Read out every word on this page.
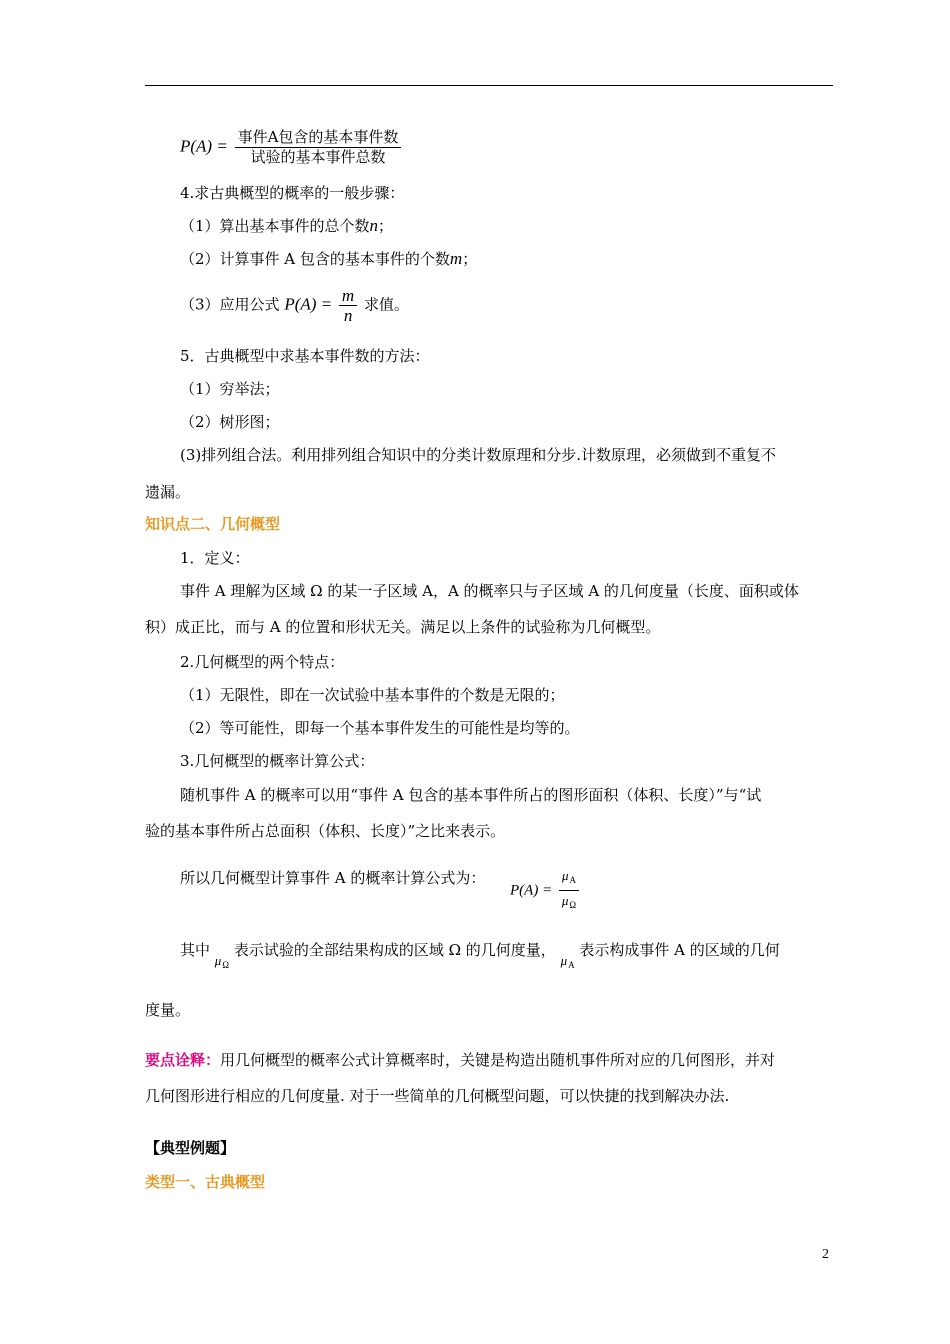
$P(A) = \frac{\text{事件A包含的基本事件数}}{\text{试验的基本事件总数}}$
4.求古典概型的概率的一般步骤：
（1）算出基本事件的总个数n；
（2）计算事件 A 包含的基本事件的个数m；
（3）应用公式 $P(A) = \frac{m}{n}$ 求值。
5．古典概型中求基本事件数的方法：
（1）穷举法；
（2）树形图；
(3)排列组合法。利用排列组合知识中的分类计数原理和分步.计数原理，必须做到不重复不
遗漏。
知识点二、几何概型
1．定义：
事件 A 理解为区域 Ω 的某一子区域 A，A 的概率只与子区域 A 的几何度量（长度、面积或体
积）成正比，而与 A 的位置和形状无关。满足以上条件的试验称为几何概型。
2.几何概型的两个特点：
（1）无限性，即在一次试验中基本事件的个数是无限的；
（2）等可能性，即每一个基本事件发生的可能性是均等的。
3.几何概型的概率计算公式：
随机事件 A 的概率可以用“事件 A 包含的基本事件所占的图形面积（体积、长度）”与“试
验的基本事件所占总面积（体积、长度）”之比来表示。
所以几何概型计算事件 A 的概率计算公式为：
$P(A) = \frac{\mu_A}{\mu_\Omega}$
其中 $\mu_\Omega$ 表示试验的全部结果构成的区域 Ω 的几何度量， $\mu_A$ 表示构成事件 A 的区域的几何
度量。
要点诠释：用几何概型的概率公式计算概率时，关键是构造出随机事件所对应的几何图形，并对
几何图形进行相应的几何度量. 对于一些简单的几何概型问题，可以快捷的找到解决办法.
【典型例题】
类型一、古典概型
2
